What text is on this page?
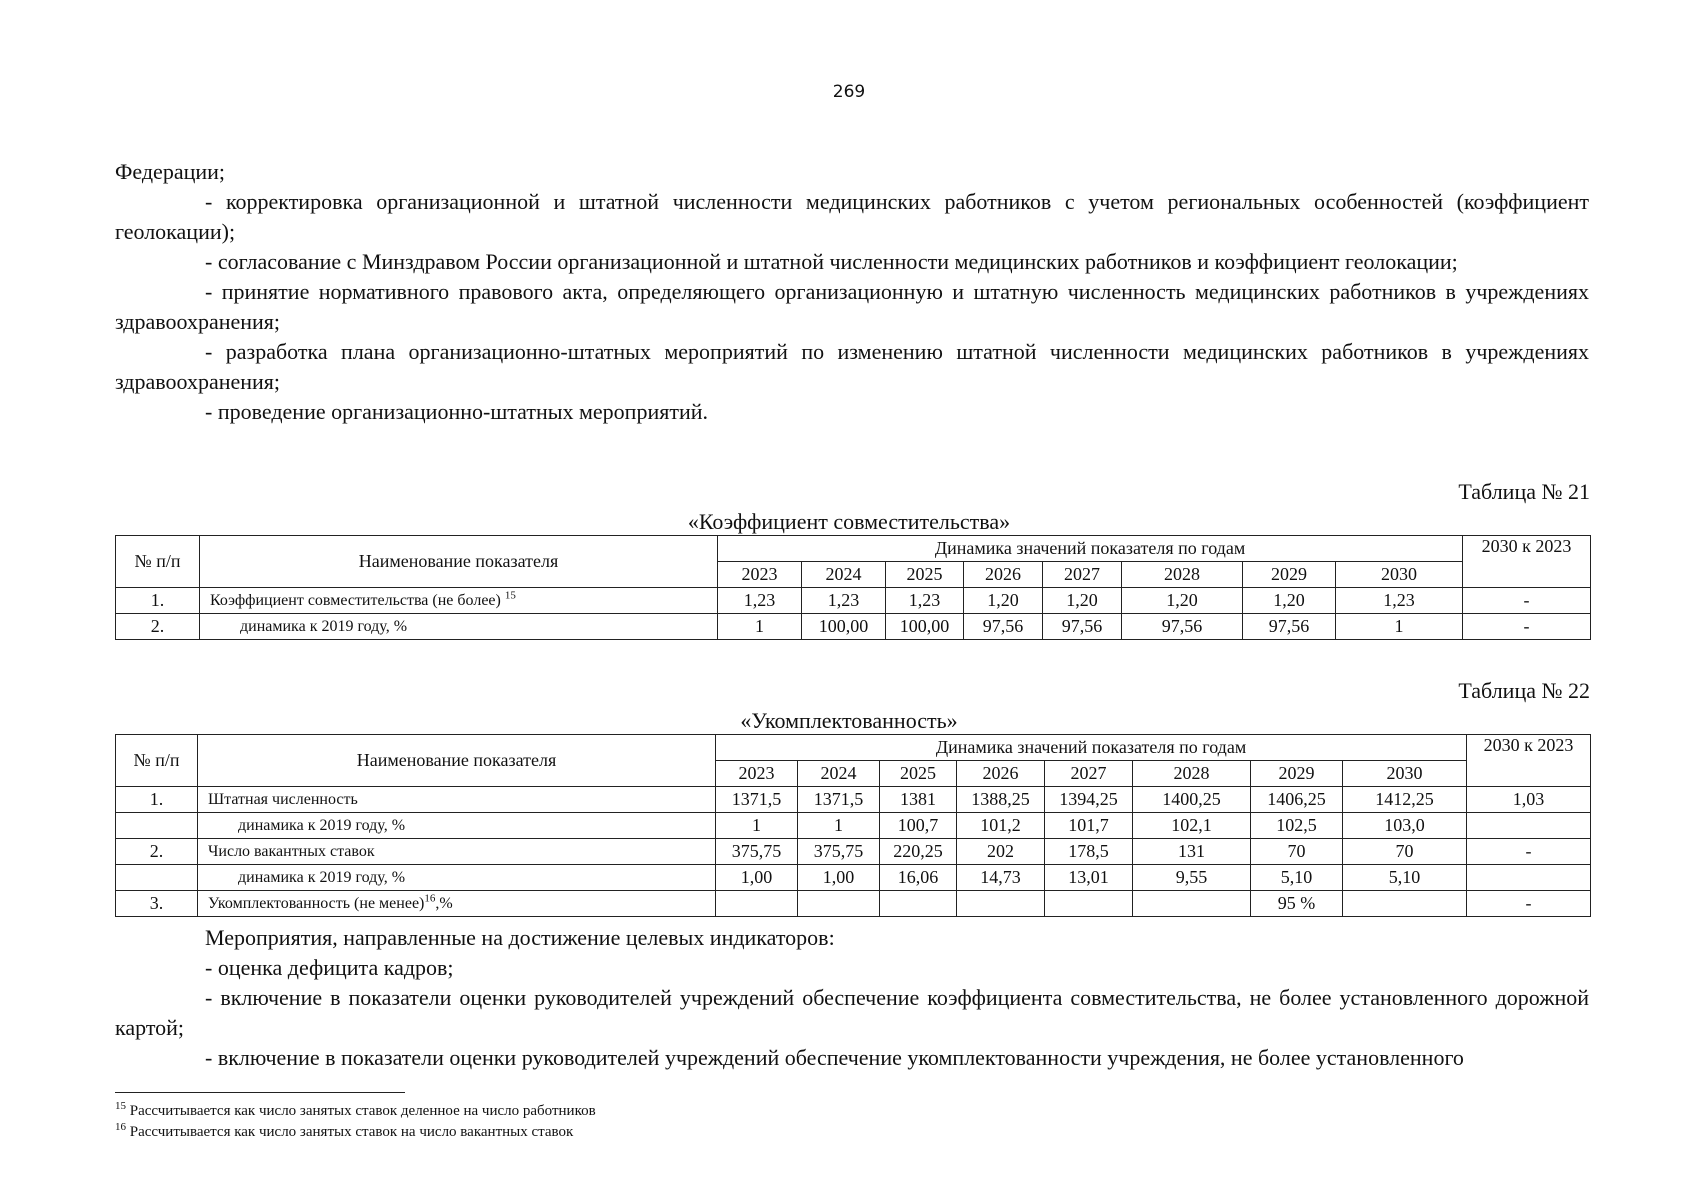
269

Федерации;

- корректировка организационной и штатной численности медицинских работников с учетом региональных особенностей (коэффициент геолокации);

- согласование с Минздравом России организационной и штатной численности медицинских работников и коэффициент геолокации;

- принятие нормативного правового акта, определяющего организационную и штатную численность медицинских работников в учреждениях здравоохранения;

- разработка плана организационно-штатных мероприятий по изменению штатной численности медицинских работников в учреждениях здравоохранения;

- проведение организационно-штатных мероприятий.

Таблица № 21
«Коэффициент совместительства»
№ п/п	Наименование показателя	Динамика значений показателя по годам								2030 к 2023
		2023	2024	2025	2026	2027	2028	2029	2030	
1.	Коэффициент совместительства (не более) $^{15}$	1,23	1,23	1,23	1,20	1,20	1,20	1,20	1,23	-
2.	динамика к 2019 году, %	1	100,00	100,00	97,56	97,56	97,56	97,56	1	-
Таблица № 22
«Укомплектованность»
№ п/п	Наименование показателя	Динамика значений показателя по годам								2030 к 2023
		2023	2024	2025	2026	2027	2028	2029	2030	
1.	Штатная численность	1371,5	1371,5	1381	1388,25	1394,25	1400,25	1406,25	1412,25	1,03
	динамика к 2019 году, %	1	1	100,7	101,2	101,7	102,1	102,5	103,0	
2.	Число вакантных ставок	375,75	375,75	220,25	202	178,5	131	70	70	-
	динамика к 2019 году, %	1,00	1,00	16,06	14,73	13,01	9,55	5,10	5,10	
3.	Укомплектованность (не менее)$^{16}$,%							95 %		-

Мероприятия, направленные на достижение целевых индикаторов:

- оценка дефицита кадров;

- включение в показатели оценки руководителей учреждений обеспечение коэффициента совместительства, не более установленного дорожной картой;

- включение в показатели оценки руководителей учреждений обеспечение укомплектованности учреждения, не более установленного

$^{15}$ Рассчитывается как число занятых ставок деленное на число работников
$^{16}$ Рассчитывается как число занятых ставок на число вакантных ставок
